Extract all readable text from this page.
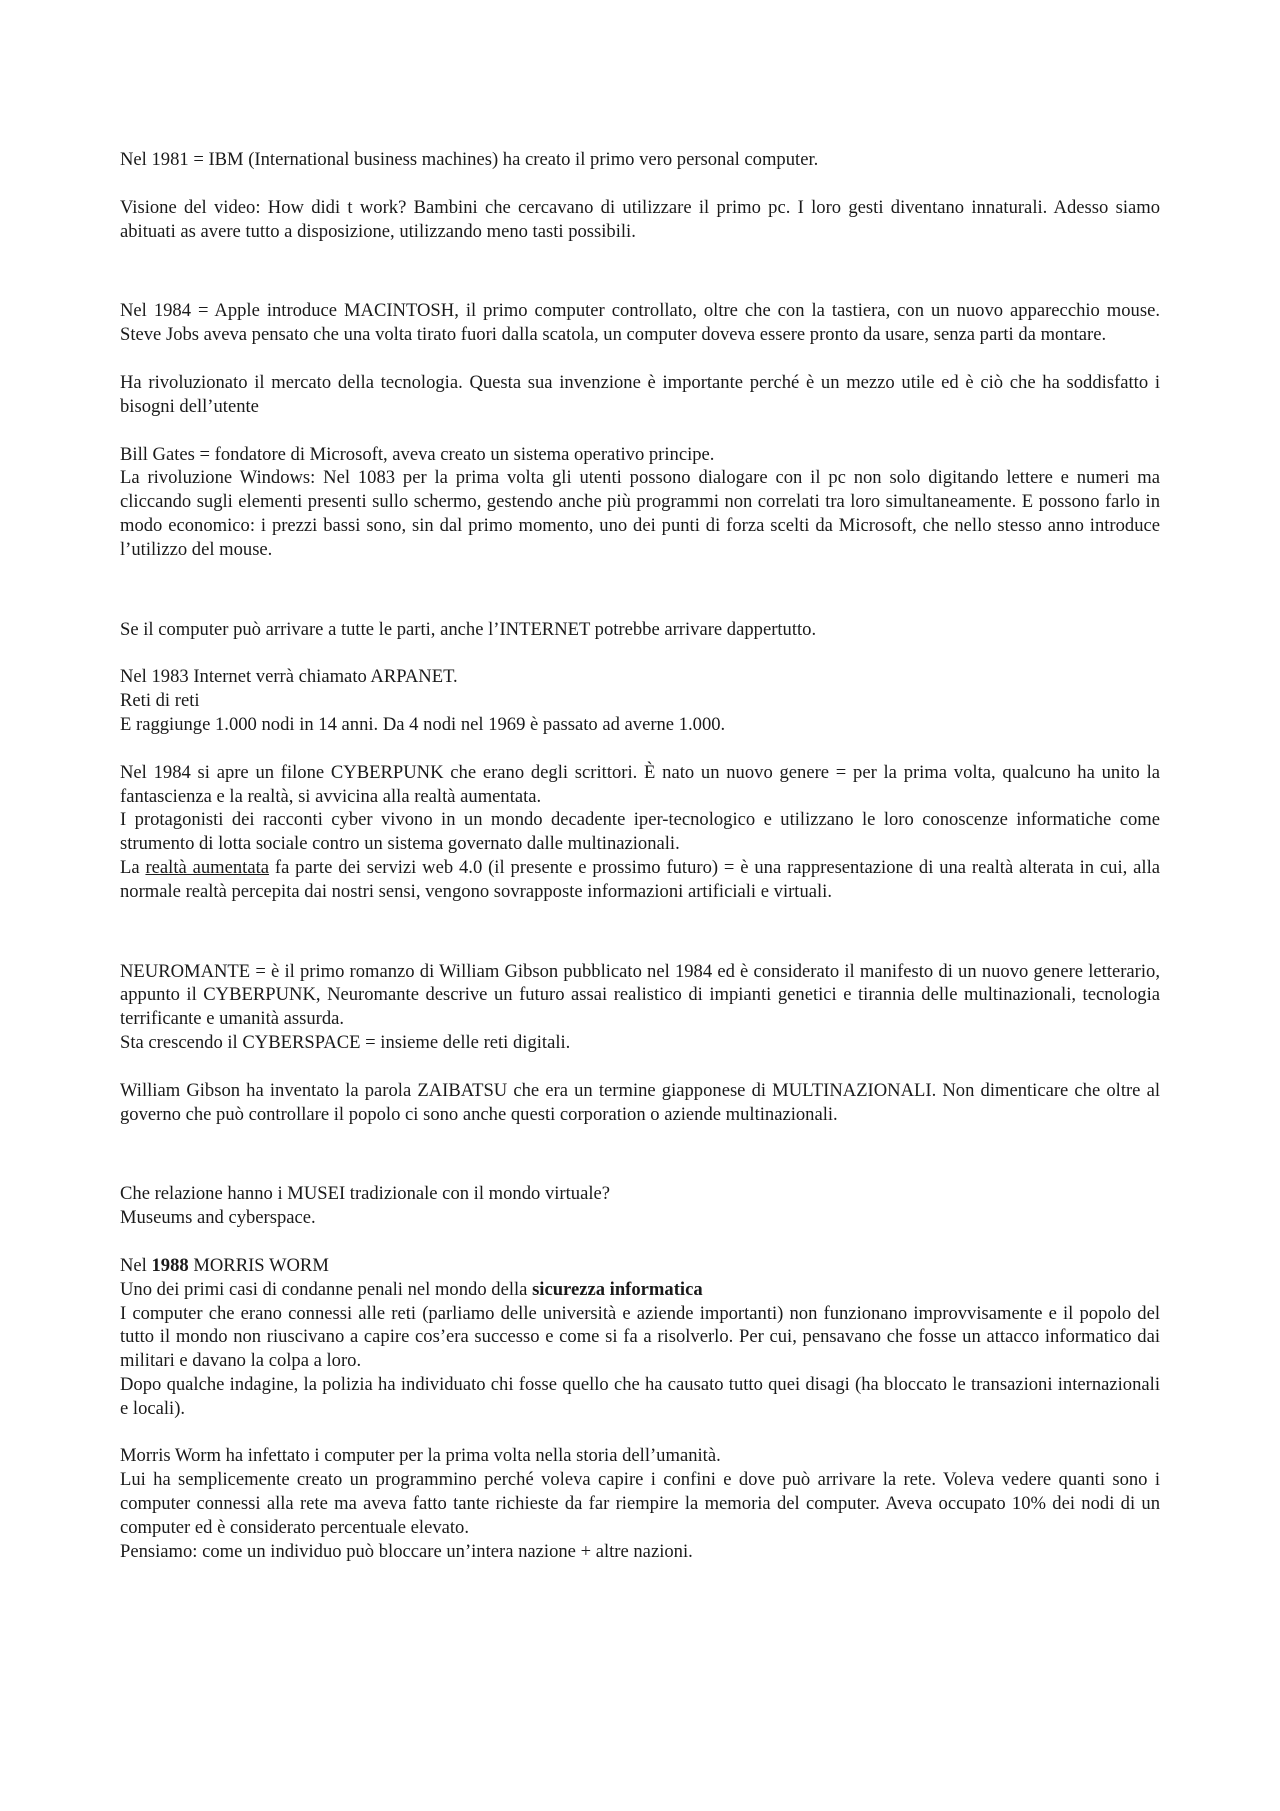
Nel 1981 = IBM (International business machines) ha creato il primo vero personal computer.

Visione del video: How didi t work? Bambini che cercavano di utilizzare il primo pc. I loro gesti diventano innaturali. Adesso siamo abituati as avere tutto a disposizione, utilizzando meno tasti possibili.

Nel 1984 = Apple introduce MACINTOSH, il primo computer controllato, oltre che con la tastiera, con un nuovo apparecchio mouse. Steve Jobs aveva pensato che una volta tirato fuori dalla scatola, un computer doveva essere pronto da usare, senza parti da montare.

Ha rivoluzionato il mercato della tecnologia. Questa sua invenzione è importante perché è un mezzo utile ed è ciò che ha soddisfatto i bisogni dell’utente

Bill Gates = fondatore di Microsoft, aveva creato un sistema operativo principe.

La rivoluzione Windows: Nel 1083 per la prima volta gli utenti possono dialogare con il pc non solo digitando lettere e numeri ma cliccando sugli elementi presenti sullo schermo, gestendo anche più programmi non correlati tra loro simultaneamente. E possono farlo in modo economico: i prezzi bassi sono, sin dal primo momento, uno dei punti di forza scelti da Microsoft, che nello stesso anno introduce l’utilizzo del mouse.

Se il computer può arrivare a tutte le parti, anche l’INTERNET potrebbe arrivare dappertutto.

Nel 1983 Internet verrà chiamato ARPANET.

Reti di reti

E raggiunge 1.000 nodi in 14 anni. Da 4 nodi nel 1969 è passato ad averne 1.000.

Nel 1984 si apre un filone CYBERPUNK che erano degli scrittori. È nato un nuovo genere = per la prima volta, qualcuno ha unito la fantascienza e la realtà, si avvicina alla realtà aumentata.

I protagonisti dei racconti cyber vivono in un mondo decadente iper-tecnologico e utilizzano le loro conoscenze informatiche come strumento di lotta sociale contro un sistema governato dalle multinazionali.

La realtà aumentata fa parte dei servizi web 4.0 (il presente e prossimo futuro) = è una rappresentazione di una realtà alterata in cui, alla normale realtà percepita dai nostri sensi, vengono sovrapposte informazioni artificiali e virtuali.

NEUROMANTE = è il primo romanzo di William Gibson pubblicato nel 1984 ed è considerato il manifesto di un nuovo genere letterario, appunto il CYBERPUNK, Neuromante descrive un futuro assai realistico di impianti genetici e tirannia delle multinazionali, tecnologia terrificante e umanità assurda.

Sta crescendo il CYBERSPACE = insieme delle reti digitali.

William Gibson ha inventato la parola ZAIBATSU che era un termine giapponese di MULTINAZIONALI. Non dimenticare che oltre al governo che può controllare il popolo ci sono anche questi corporation o aziende multinazionali.

Che relazione hanno i MUSEI tradizionale con il mondo virtuale?

Museums and cyberspace.

Nel 1988 MORRIS WORM

Uno dei primi casi di condanne penali nel mondo della sicurezza informatica

I computer che erano connessi alle reti (parliamo delle università e aziende importanti) non funzionano improvvisamente e il popolo del tutto il mondo non riuscivano a capire cos’era successo e come si fa a risolverlo. Per cui, pensavano che fosse un attacco informatico dai militari e davano la colpa a loro.

Dopo qualche indagine, la polizia ha individuato chi fosse quello che ha causato tutto quei disagi (ha bloccato le transazioni internazionali e locali).

Morris Worm ha infettato i computer per la prima volta nella storia dell’umanità.

Lui ha semplicemente creato un programmino perché voleva capire i confini e dove può arrivare la rete. Voleva vedere quanti sono i computer connessi alla rete ma aveva fatto tante richieste da far riempire la memoria del computer. Aveva occupato 10% dei nodi di un computer ed è considerato percentuale elevato.

Pensiamo: come un individuo può bloccare un’intera nazione + altre nazioni.
